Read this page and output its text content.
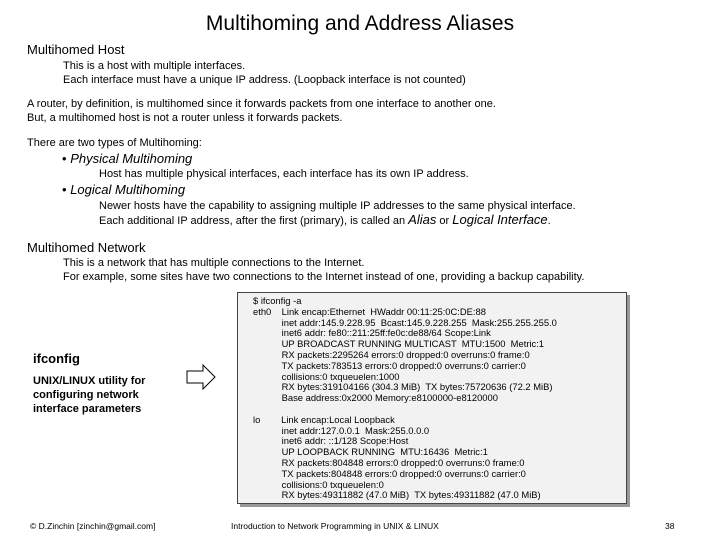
Multihoming and Address Aliases
Multihomed Host
This is a host with multiple interfaces.
Each interface must have a unique IP address. (Loopback interface is not counted)
A router, by definition, is multihomed since it forwards packets from one interface to another one.
But, a multihomed host is not a router unless it forwards packets.
There are two types of Multihoming:
• Physical Multihoming
Host has multiple physical interfaces, each interface has its own IP address.
• Logical Multihoming
Newer hosts have the capability to assigning multiple IP addresses to the same physical interface.
Each additional IP address, after the first (primary), is called an Alias or Logical Interface.
Multihomed Network
This is a network that has multiple connections to the Internet.
For example, some sites have two connections to the Internet instead of one, providing a backup capability.
ifconfig
UNIX/LINUX utility for
configuring network
interface parameters
$ ifconfig -a
eth0    Link encap:Ethernet  HWaddr 00:11:25:0C:DE:88
inet addr:145.9.228.95  Bcast:145.9.228.255  Mask:255.255.255.0
inet6 addr: fe80::211:25ff:fe0c:de88/64 Scope:Link
UP BROADCAST RUNNING MULTICAST  MTU:1500  Metric:1
RX packets:2295264 errors:0 dropped:0 overruns:0 frame:0
TX packets:783513 errors:0 dropped:0 overruns:0 carrier:0
collisions:0 txqueuelen:1000
RX bytes:319104166 (304.3 MiB)  TX bytes:75720636 (72.2 MiB)
Base address:0x2000 Memory:e8100000-e8120000

lo        Link encap:Local Loopback
inet addr:127.0.0.1  Mask:255.0.0.0
inet6 addr: ::1/128 Scope:Host
UP LOOPBACK RUNNING  MTU:16436  Metric:1
RX packets:804848 errors:0 dropped:0 overruns:0 frame:0
TX packets:804848 errors:0 dropped:0 overruns:0 carrier:0
collisions:0 txqueuelen:0
RX bytes:49311882 (47.0 MiB)  TX bytes:49311882 (47.0 MiB)
© D.Zinchin [zinchin@gmail.com]	Introduction to Network Programming in UNIX & LINUX	38
